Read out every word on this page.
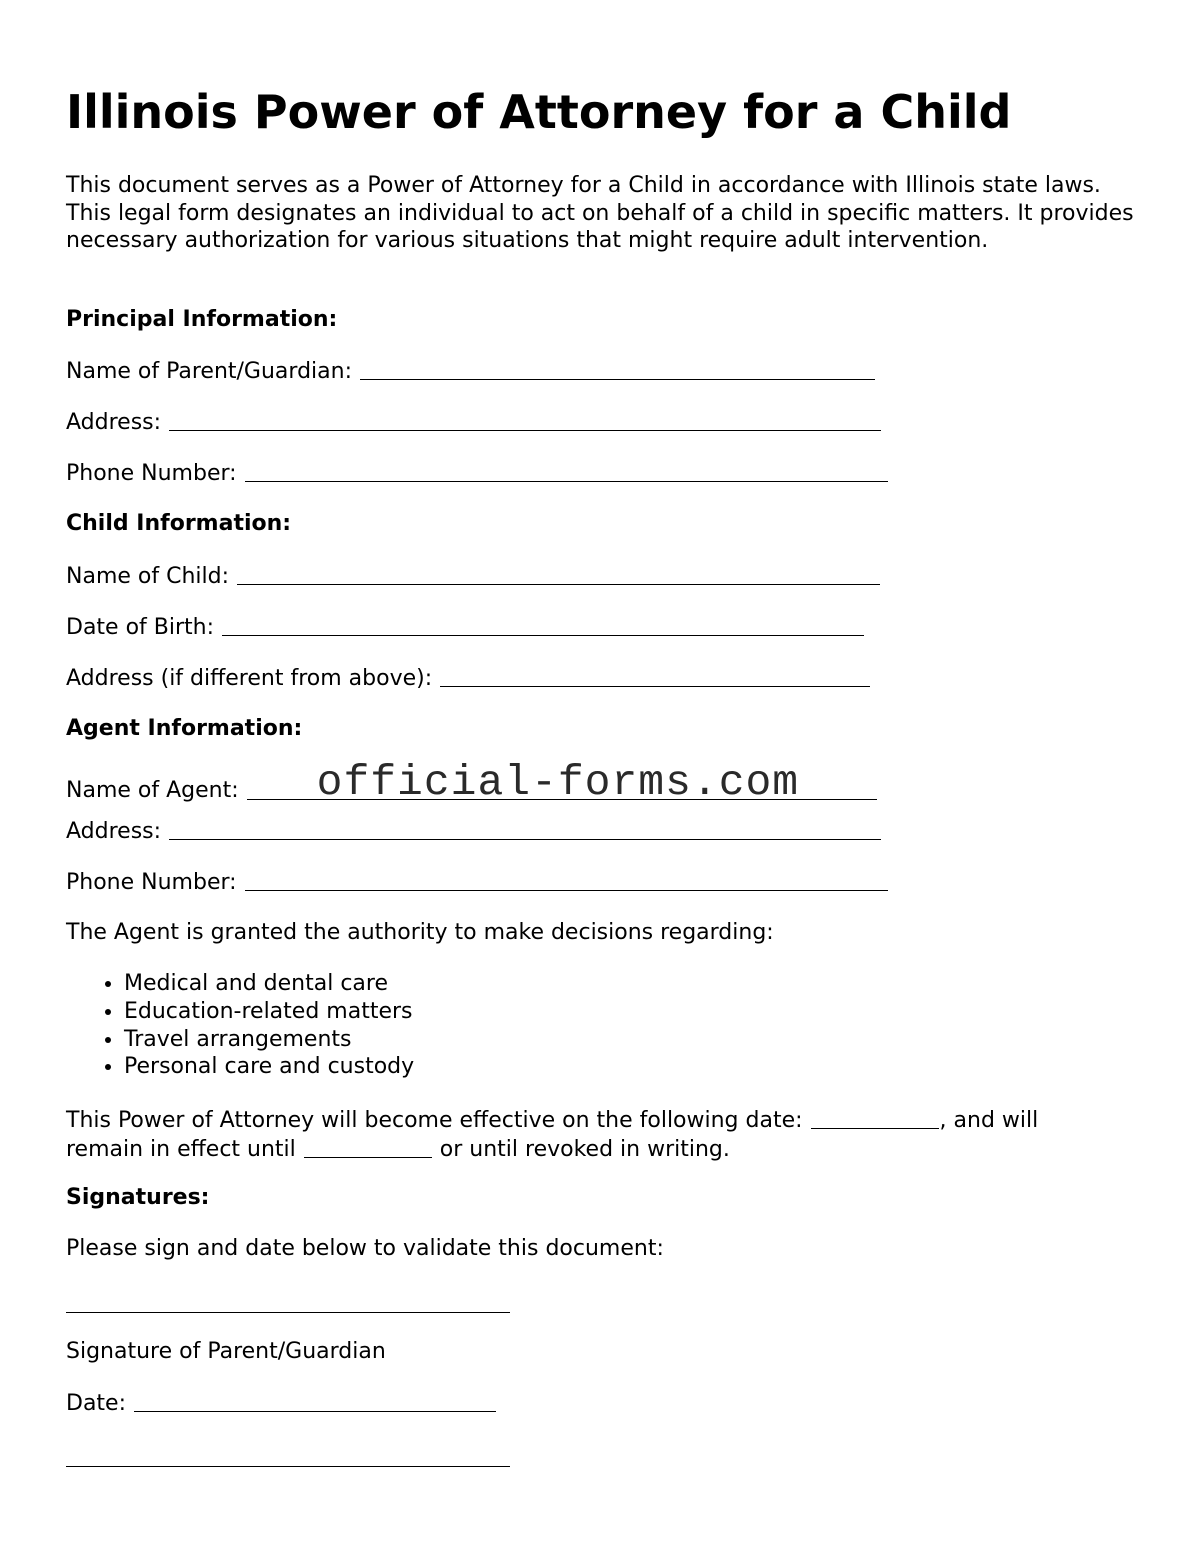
Illinois Power of Attorney for a Child

This document serves as a Power of Attorney for a Child in accordance with Illinois state laws. This legal form designates an individual to act on behalf of a child in specific matters. It provides necessary authorization for various situations that might require adult intervention.

Principal Information:

Name of Parent/Guardian:
Address:
Phone Number:

Child Information:

Name of Child:
Date of Birth:
Address (if different from above):

Agent Information:

Name of Agent: official-forms.com
Address:
Phone Number:

The Agent is granted the authority to make decisions regarding:

• Medical and dental care
• Education-related matters
• Travel arrangements
• Personal care and custody
This Power of Attorney will become effective on the following date:	, and will
remain in effect until	or until revoked in writing.

Signatures:

Please sign and date below to validate this document:

Signature of Parent/Guardian

Date:
